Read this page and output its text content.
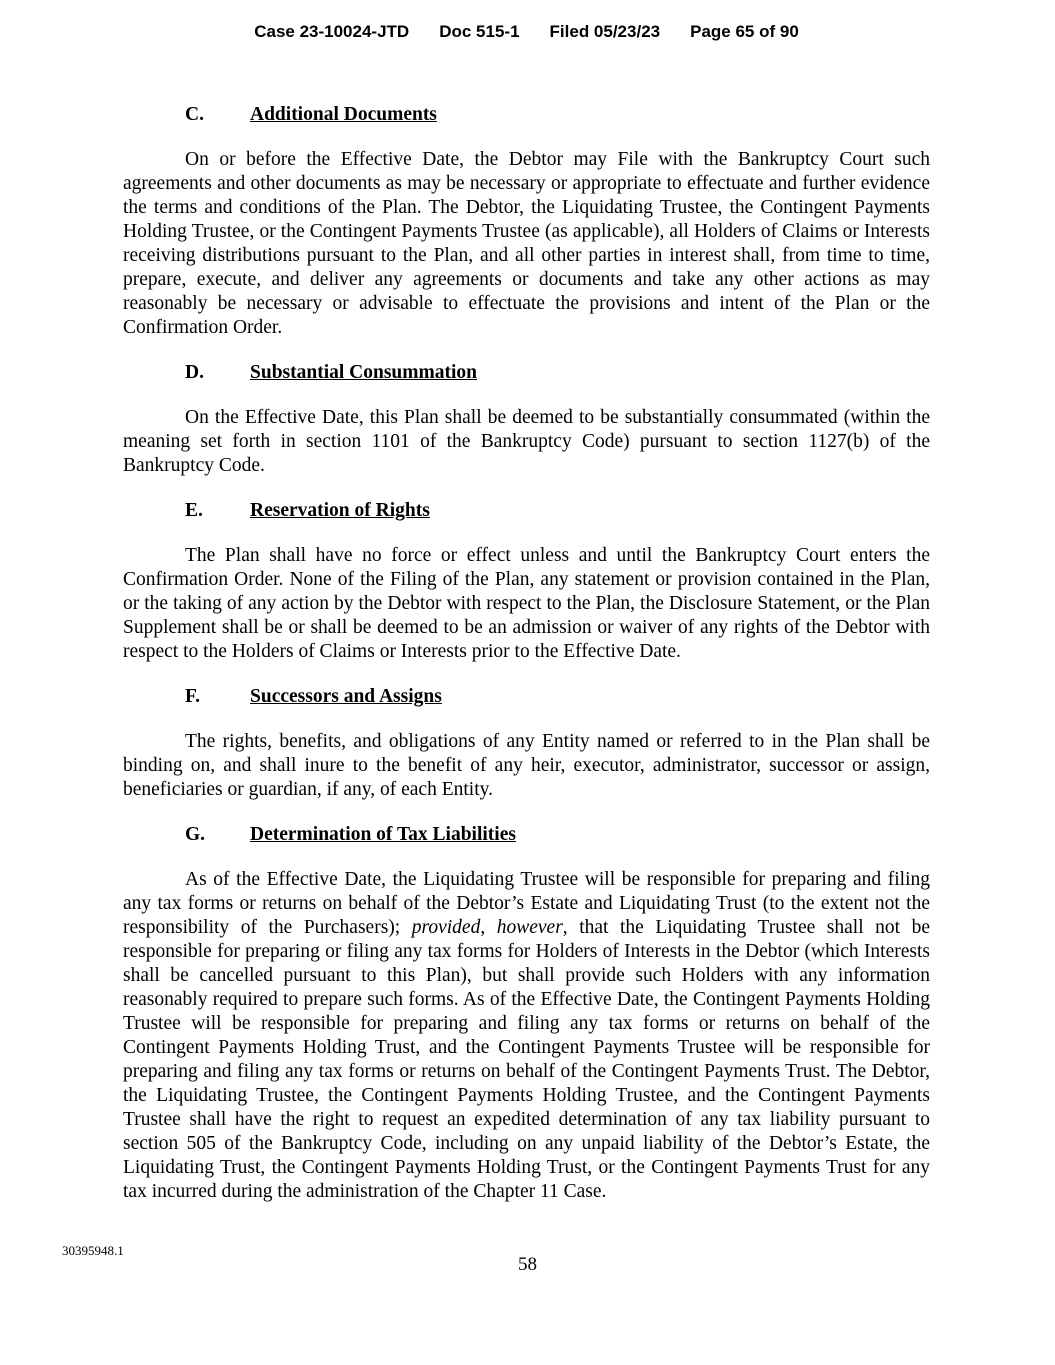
Case 23-10024-JTD Doc 515-1 Filed 05/23/23 Page 65 of 90
C. Additional Documents

On or before the Effective Date, the Debtor may File with the Bankruptcy Court such agreements and other documents as may be necessary or appropriate to effectuate and further evidence the terms and conditions of the Plan. The Debtor, the Liquidating Trustee, the Contingent Payments Holding Trustee, or the Contingent Payments Trustee (as applicable), all Holders of Claims or Interests receiving distributions pursuant to the Plan, and all other parties in interest shall, from time to time, prepare, execute, and deliver any agreements or documents and take any other actions as may reasonably be necessary or advisable to effectuate the provisions and intent of the Plan or the Confirmation Order.

D. Substantial Consummation

On the Effective Date, this Plan shall be deemed to be substantially consummated (within the meaning set forth in section 1101 of the Bankruptcy Code) pursuant to section 1127(b) of the Bankruptcy Code.

E. Reservation of Rights

The Plan shall have no force or effect unless and until the Bankruptcy Court enters the Confirmation Order. None of the Filing of the Plan, any statement or provision contained in the Plan, or the taking of any action by the Debtor with respect to the Plan, the Disclosure Statement, or the Plan Supplement shall be or shall be deemed to be an admission or waiver of any rights of the Debtor with respect to the Holders of Claims or Interests prior to the Effective Date.

F.	Successors and Assigns

The rights, benefits, and obligations of any Entity named or referred to in the Plan shall be binding on, and shall inure to the benefit of any heir, executor, administrator, successor or assign, beneficiaries or guardian, if any, of each Entity.

G. Determination of Tax Liabilities

As of the Effective Date, the Liquidating Trustee will be responsible for preparing and filing any tax forms or returns on behalf of the Debtor’s Estate and Liquidating Trust (to the extent not the responsibility of the Purchasers); provided, however, that the Liquidating Trustee shall not be responsible for preparing or filing any tax forms for Holders of Interests in the Debtor (which Interests shall be cancelled pursuant to this Plan), but shall provide such Holders with any information reasonably required to prepare such forms. As of the Effective Date, the Contingent Payments Holding Trustee will be responsible for preparing and filing any tax forms or returns on behalf of the Contingent Payments Holding Trust, and the Contingent Payments Trustee will be responsible for preparing and filing any tax forms or returns on behalf of the Contingent Payments Trust. The Debtor, the Liquidating Trustee, the Contingent Payments Holding Trustee, and the Contingent Payments Trustee shall have the right to request an expedited determination of any tax liability pursuant to section 505 of the Bankruptcy Code, including on any unpaid liability of the Debtor’s Estate, the Liquidating Trust, the Contingent Payments Holding Trust, or the Contingent Payments Trust for any tax incurred during the administration of the Chapter 11 Case.

30395948.1
58
